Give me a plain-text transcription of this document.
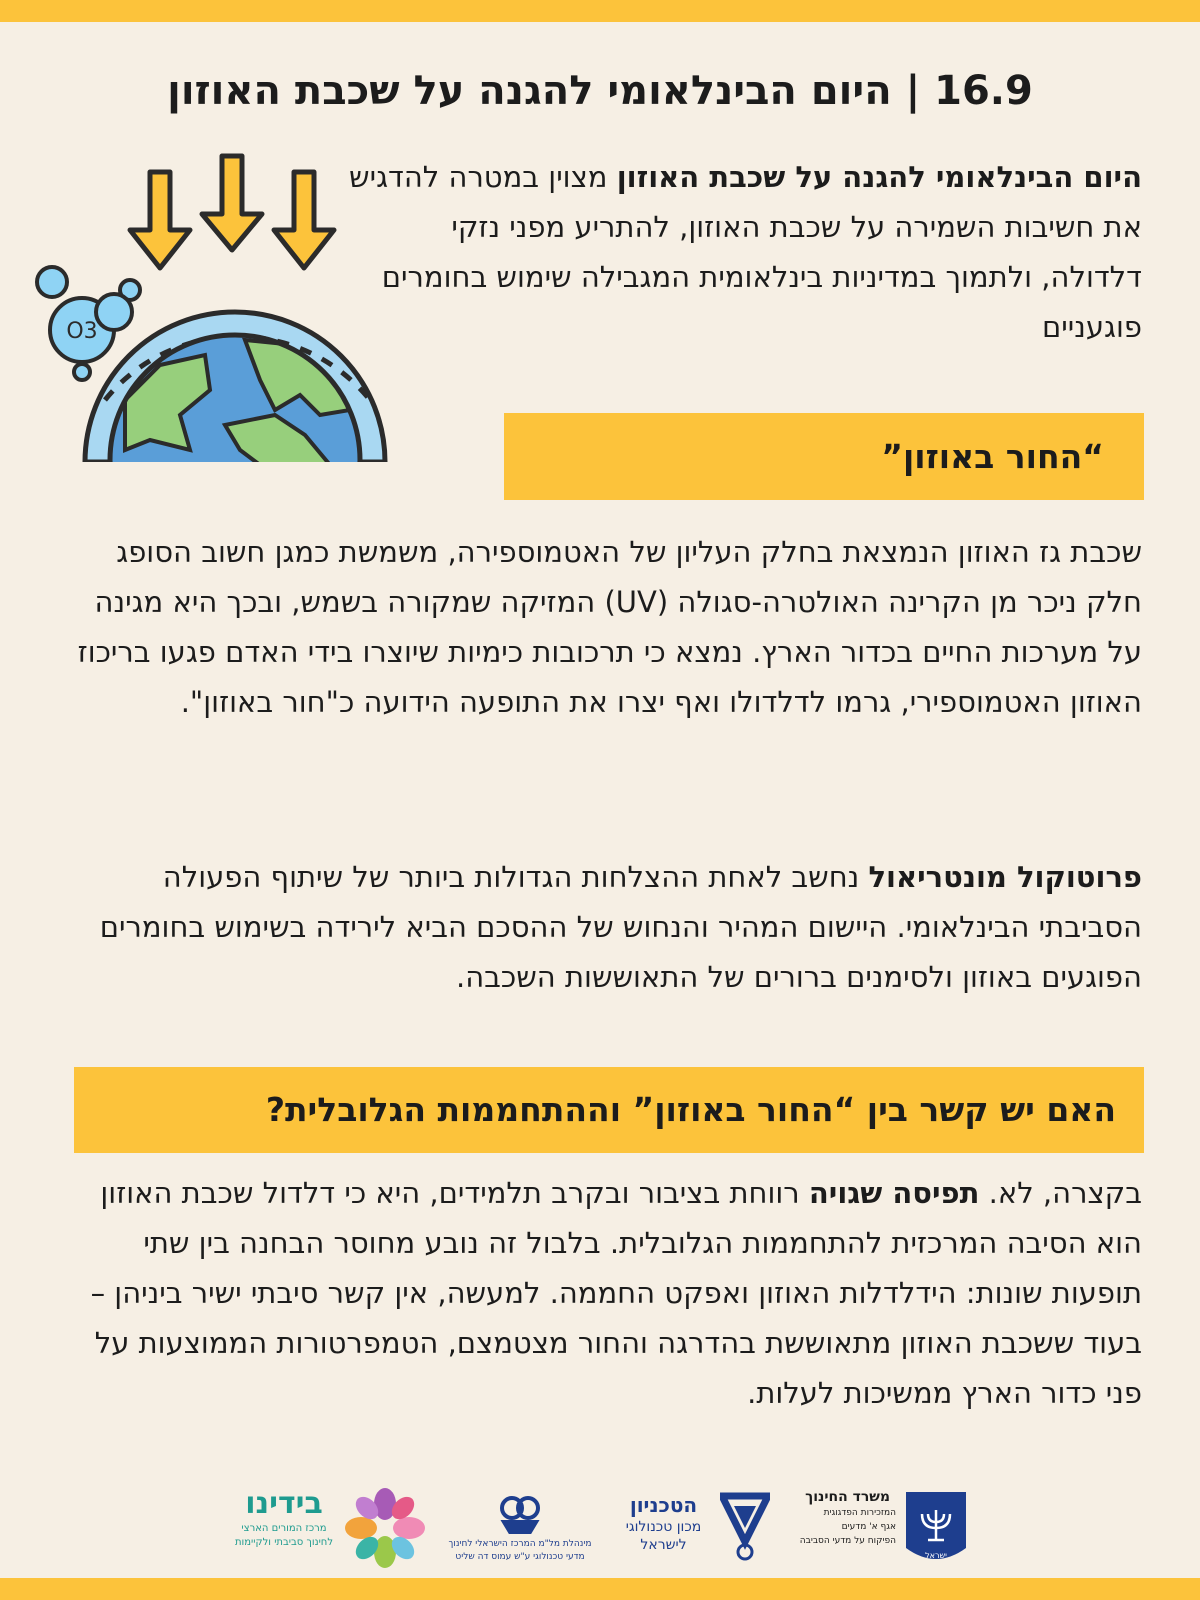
16.9 | היום הבינלאומי להגנה על שכבת האוזון

היום הבינלאומי להגנה על שכבת האוזון מצוין במטרה להדגיש את חשיבות השמירה על שכבת האוזון, להתריע מפני נזקי דלדולה, ולתמוך במדיניות בינלאומית המגבילה שימוש בחומרים פוגעניים

O3
“החור באוזון”

שכבת גז האוזון הנמצאת בחלק העליון של האטמוספירה, משמשת כמגן חשוב הסופג חלק ניכר מן הקרינה האולטרה-סגולה (UV) המזיקה שמקורה בשמש, ובכך היא מגינה על מערכות החיים בכדור הארץ. נמצא כי תרכובות כימיות שיוצרו בידי האדם פגעו בריכוז האוזון האטמוספירי, גרמו לדלדולו ואף יצרו את התופעה הידועה כ"חור באוזון".

פרוטוקול מונטריאול נחשב לאחת ההצלחות הגדולות ביותר של שיתוף הפעולה הסביבתי הבינלאומי. היישום המהיר והנחוש של ההסכם הביא לירידה בשימוש בחומרים הפוגעים באוזון ולסימנים ברורים של התאוששות השכבה.

האם יש קשר בין “החור באוזון” וההתחממות הגלובלית?

בקצרה, לא. תפיסה שגויה רווחת בציבור ובקרב תלמידים, היא כי דלדול שכבת האוזון הוא הסיבה המרכזית להתחממות הגלובלית. בלבול זה נובע מחוסר הבחנה בין שתי תופעות שונות: הידלדלות האוזון ואפקט החממה. למעשה, אין קשר סיבתי ישיר ביניהן – בעוד ששכבת האוזון מתאוששת בהדרגה והחור מצטמצם, הטמפרטורות הממוצעות על פני כדור הארץ ממשיכות לעלות.

ישראל
משרד החינוך
המזכירות הפדגוגית
אגף א' מדעים
הפיקוח על מדעי הסביבה
הטכניון
מכון טכנולוגי
לישראל
מינהלת מל"מ המרכז הישראלי לחינוך
מדעי טכנולוגי ע"ש עמוס דה שליט
בידינו
מרכז המורים הארצי
לחינוך סביבתי ולקיימות
